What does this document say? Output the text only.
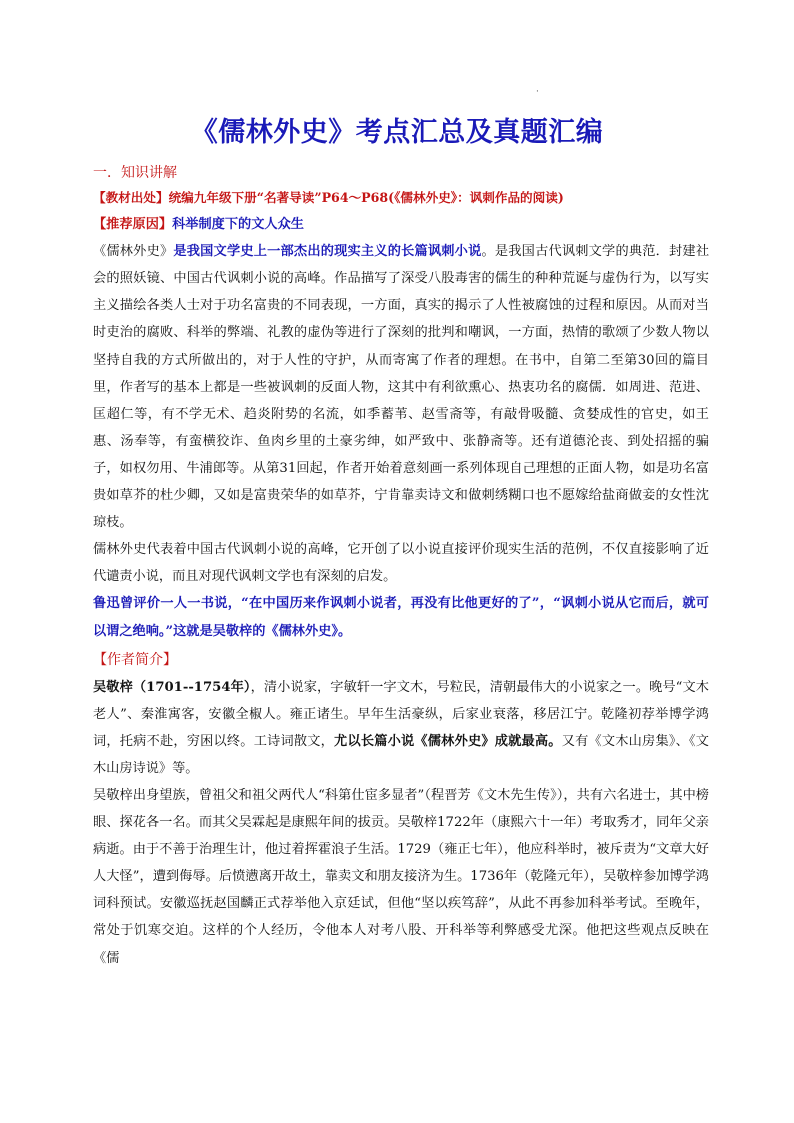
·
《儒林外史》考点汇总及真题汇编
一．知识讲解

【教材出处】统编九年级下册“名著导读”P64～P68(《儒林外史》：讽刺作品的阅读)

【推荐原因】科举制度下的文人众生

《儒林外史》是我国文学史上一部杰出的现实主义的长篇讽刺小说。是我国古代讽刺文学的典范．封建社会的照妖镜、中国古代讽刺小说的高峰。作品描写了深受八股毒害的儒生的种种荒诞与虚伪行为，以写实主义描绘各类人士对于功名富贵的不同表现，一方面，真实的揭示了人性被腐蚀的过程和原因。从而对当时吏治的腐败、科举的弊端、礼教的虚伪等进行了深刻的批判和嘲讽，一方面，热情的歌颂了少数人物以坚持自我的方式所做出的，对于人性的守护，从而寄寓了作者的理想。在书中，自第二至第30回的篇目里，作者写的基本上都是一些被讽刺的反面人物，这其中有利欲熏心、热衷功名的腐儒．如周进、范进、匡超仁等，有不学无术、趋炎附势的名流，如季蓄苇、赵雪斋等，有敲骨吸髓、贪婪成性的官史，如王惠、汤奉等，有蛮横狡诈、鱼肉乡里的土豪劣绅，如严致中、张静斋等。还有道德沦丧、到处招摇的骗子，如权勿用、牛浦郎等。从第31回起，作者开始着意刻画一系列体现自己理想的正面人物，如是功名富贵如草芥的杜少卿，又如是富贵荣华的如草芥，宁肯靠卖诗文和做刺绣糊口也不愿嫁给盐商做妾的女性沈琼枝。

儒林外史代表着中国古代讽刺小说的高峰，它开创了以小说直接评价现实生活的范例，不仅直接影响了近代谴责小说，而且对现代讽刺文学也有深刻的启发。

鲁迅曾评价一人一书说，“在中国历来作讽刺小说者，再没有比他更好的了”，“讽刺小说从它而后，就可以谓之绝响。”这就是吴敬梓的《儒林外史》。

【作者简介】

吴敬梓（1701--1754年），清小说家，字敏轩一字文木，号粒民，清朝最伟大的小说家之一。晚号“文木老人”、秦淮寓客，安徽全椒人。雍正诸生。早年生活豪纵，后家业衰落，移居江宁。乾隆初荐举博学鸿词，托病不赴，穷困以终。工诗词散文，尤以长篇小说《儒林外史》成就最高。又有《文木山房集》、《文木山房诗说》等。

吴敬梓出身望族，曾祖父和祖父两代人“科第仕宦多显者”（程晋芳《文木先生传》），共有六名进士，其中榜眼、探花各一名。而其父吴霖起是康熙年间的拔贡。吴敬梓1722年（康熙六十一年）考取秀才，同年父亲病逝。由于不善于治理生计，他过着挥霍浪子生活。1729（雍正七年），他应科举时，被斥责为“文章大好人大怪”，遭到侮辱。后愤懑离开故土，靠卖文和朋友接济为生。1736年（乾隆元年），吴敬梓参加博学鸿词科预试。安徽巡抚赵国麟正式荐举他入京廷试，但他“坚以疾笃辞”，从此不再参加科举考试。至晚年，常处于饥寒交迫。这样的个人经历，令他本人对考八股、开科举等利弊感受尤深。他把这些观点反映在《儒
